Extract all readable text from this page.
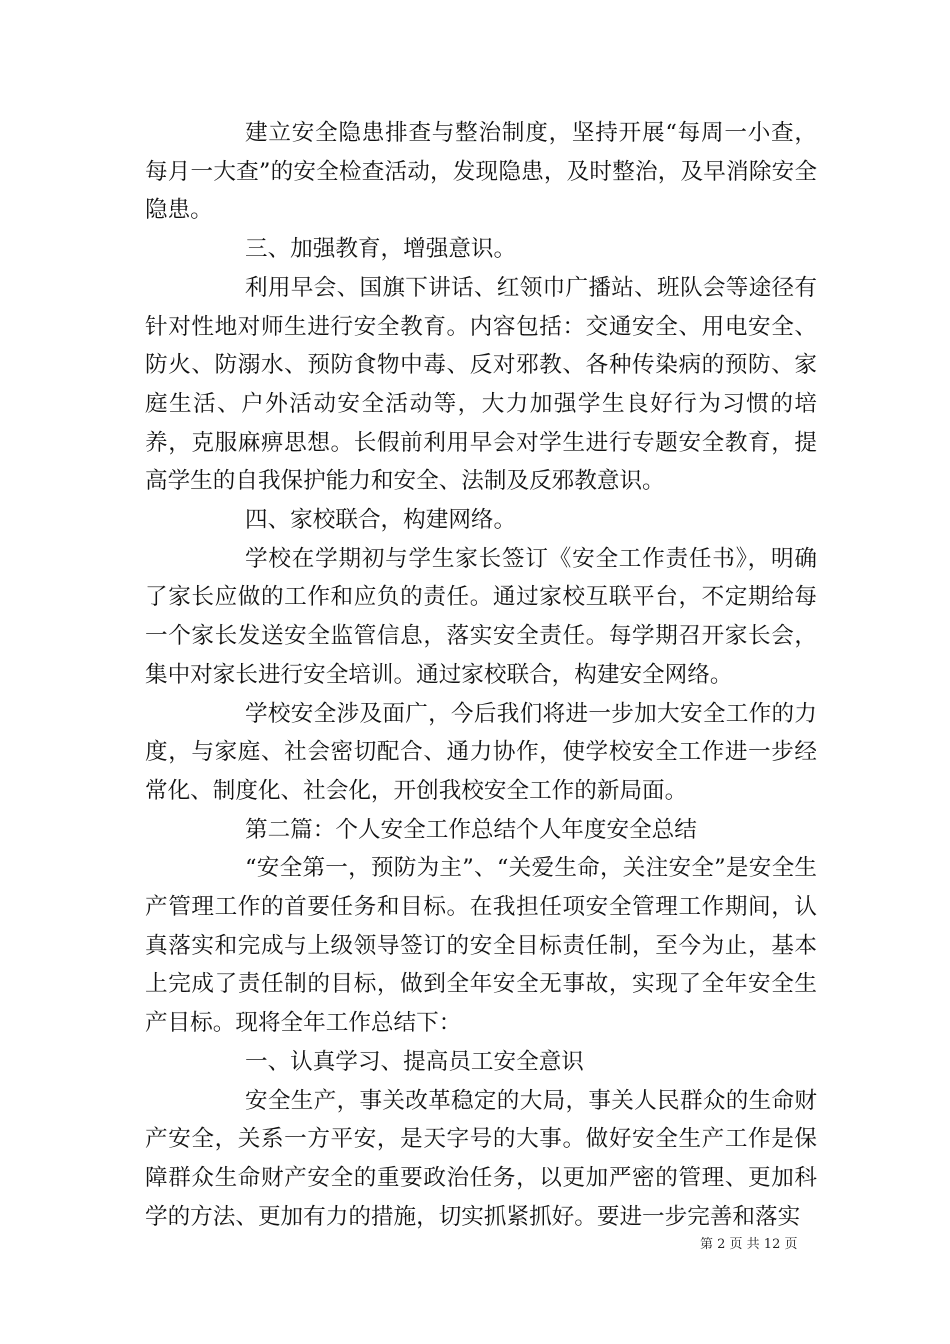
建立安全隐患排查与整治制度，坚持开展“每周一小查，每月一大查”的安全检查活动，发现隐患，及时整治，及早消除安全隐患。

三、加强教育，增强意识。

利用早会、国旗下讲话、红领巾广播站、班队会等途径有针对性地对师生进行安全教育。内容包括：交通安全、用电安全、防火、防溺水、预防食物中毒、反对邪教、各种传染病的预防、家庭生活、户外活动安全活动等，大力加强学生良好行为习惯的培养，克服麻痹思想。长假前利用早会对学生进行专题安全教育，提高学生的自我保护能力和安全、法制及反邪教意识。

四、家校联合，构建网络。

学校在学期初与学生家长签订《安全工作责任书》，明确了家长应做的工作和应负的责任。通过家校互联平台，不定期给每一个家长发送安全监管信息，落实安全责任。每学期召开家长会，集中对家长进行安全培训。通过家校联合，构建安全网络。

学校安全涉及面广，今后我们将进一步加大安全工作的力度，与家庭、社会密切配合、通力协作，使学校安全工作进一步经常化、制度化、社会化，开创我校安全工作的新局面。

第二篇：个人安全工作总结个人年度安全总结

“安全第一，预防为主”、“关爱生命，关注安全”是安全生产管理工作的首要任务和目标。在我担任项安全管理工作期间，认真落实和完成与上级领导签订的安全目标责任制，至今为止，基本上完成了责任制的目标，做到全年安全无事故，实现了全年安全生产目标。现将全年工作总结下：

一、认真学习、提高员工安全意识

安全生产，事关改革稳定的大局，事关人民群众的生命财产安全，关系一方平安，是天字号的大事。做好安全生产工作是保障群众生命财产安全的重要政治任务，以更加严密的管理、更加科学的方法、更加有力的措施，切实抓紧抓好。要进一步完善和落实

第 2 页 共 12 页
